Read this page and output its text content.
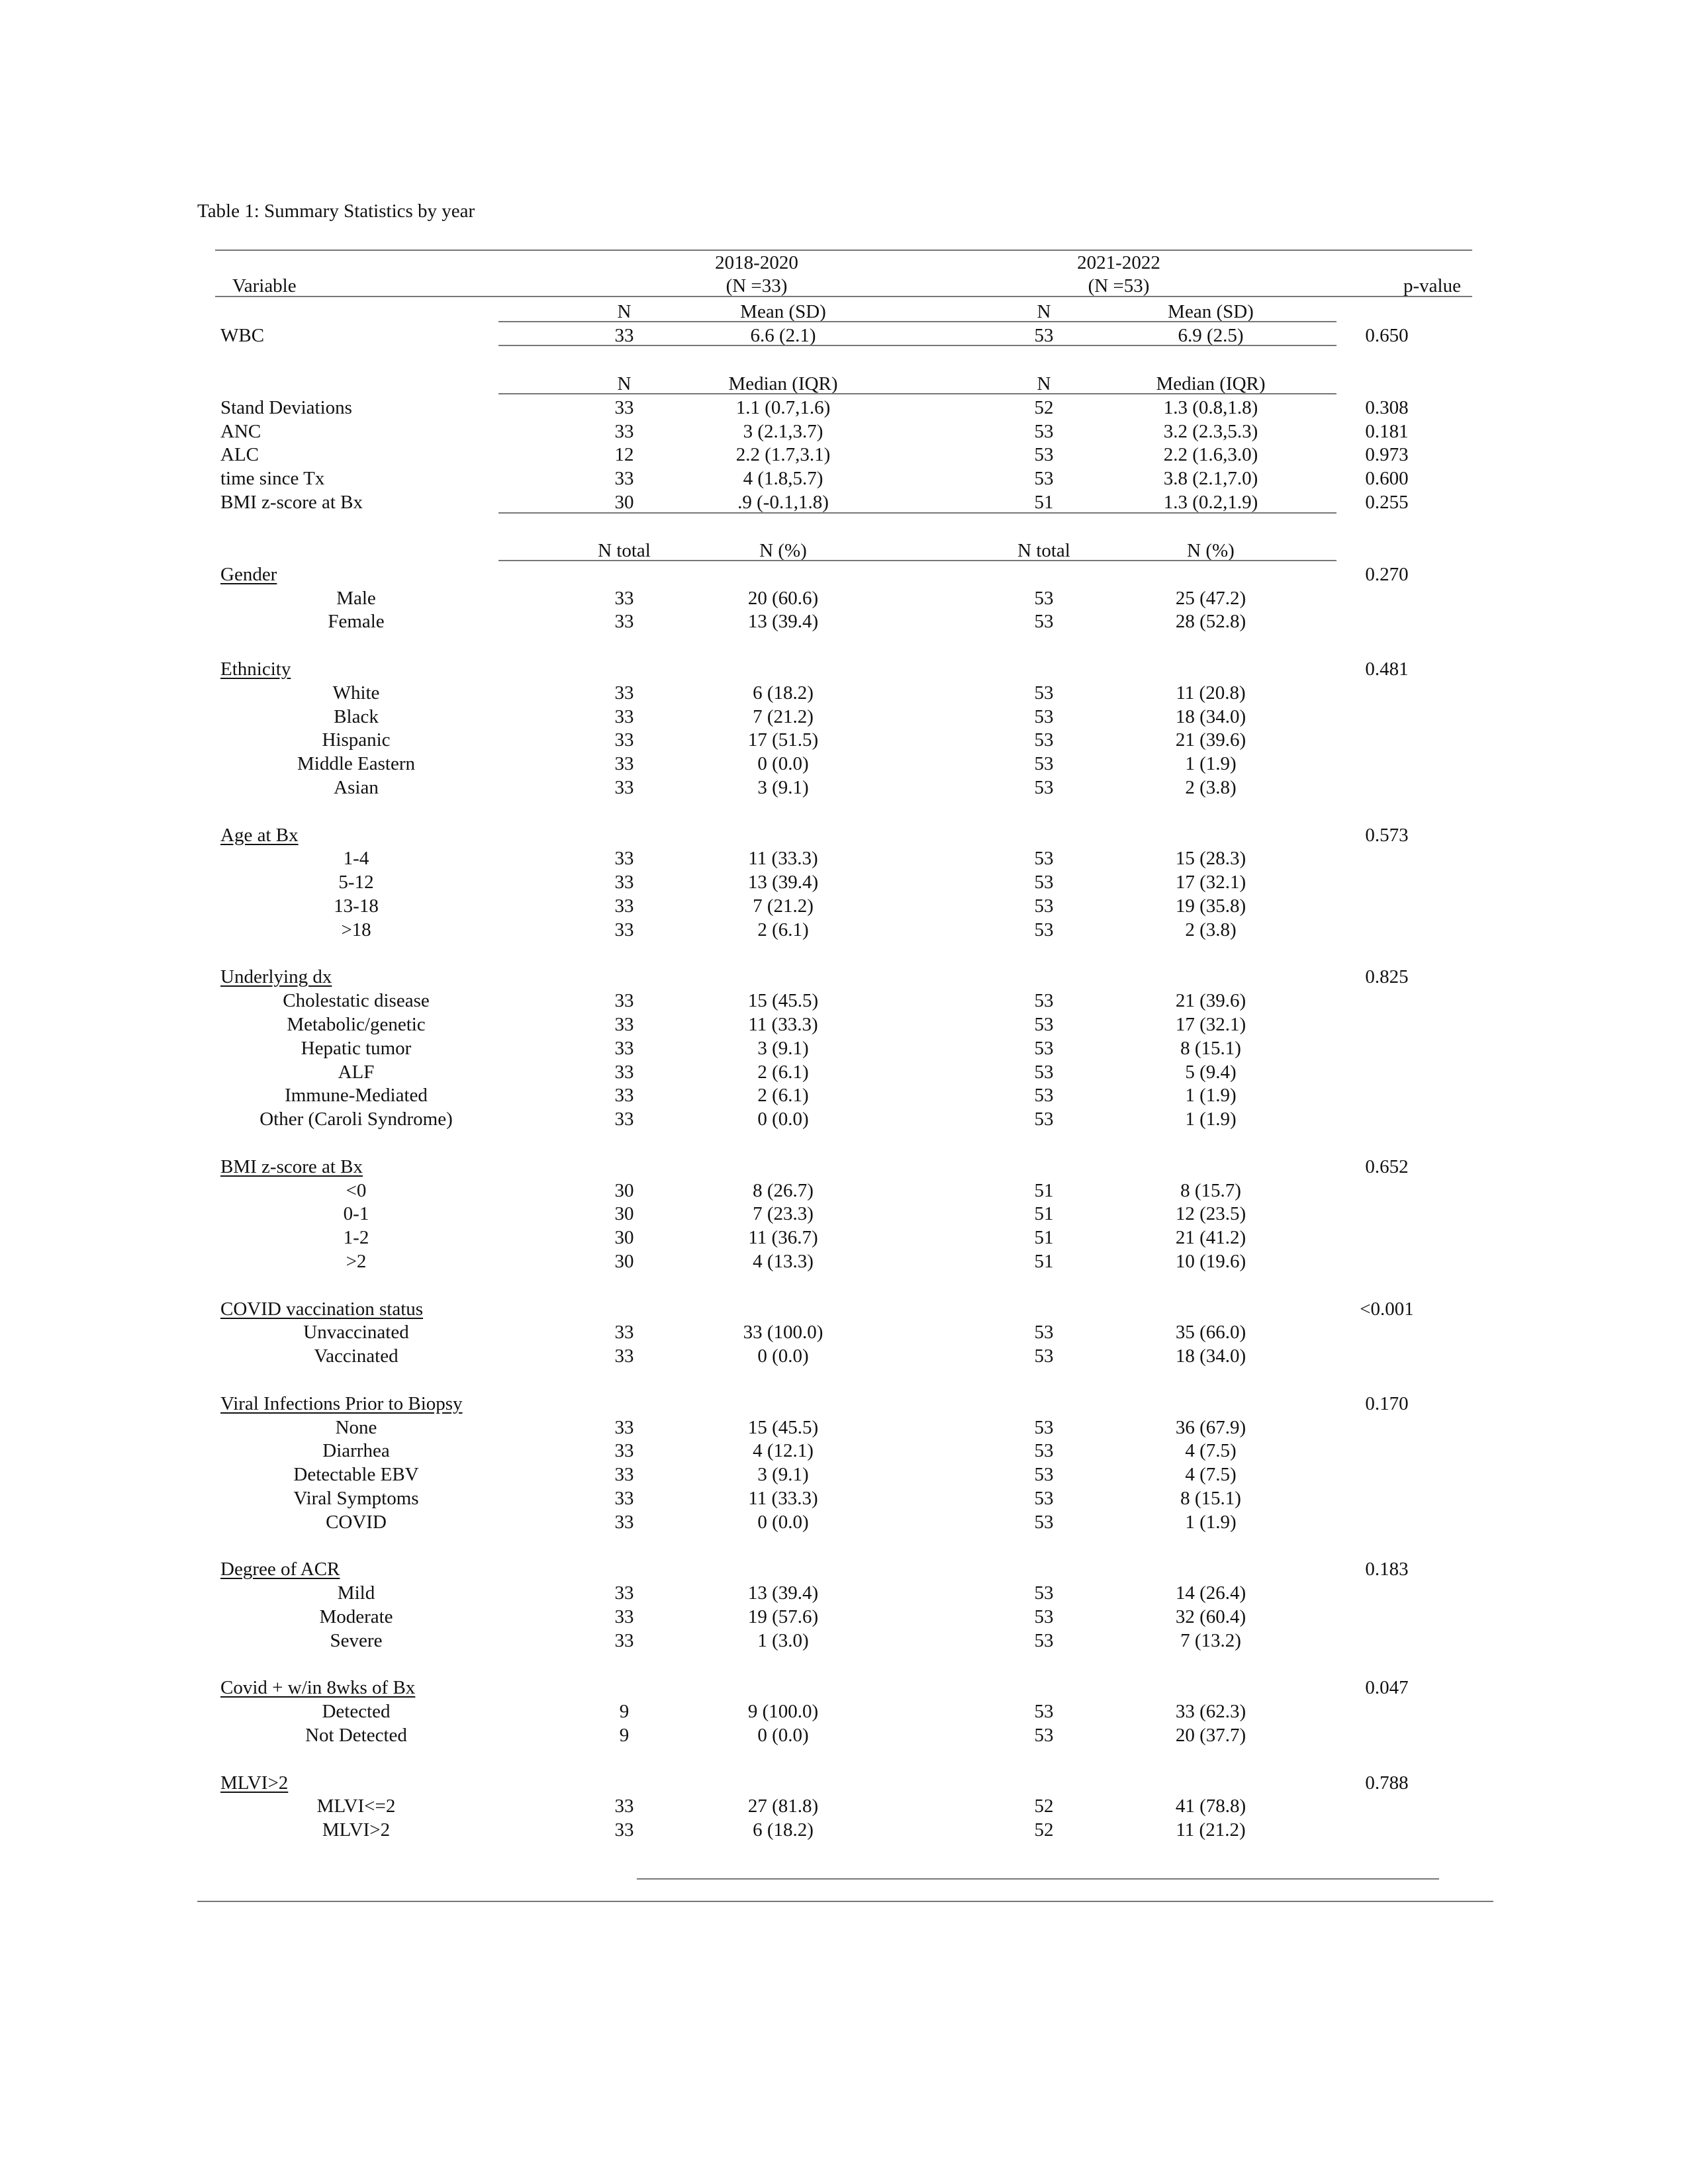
Table 1: Summary Statistics by year
Variable
2018-2020
(N =33)
2021-2022
(N =53)	p-value
N	Mean (SD)	N	Mean (SD)
WBC	33	6.6 (2.1)	53	6.9 (2.5)	0.650
N	Median (IQR)	N	Median (IQR)
Stand Deviations	33	1.1 (0.7,1.6)	52	1.3 (0.8,1.8)	0.308
ANC	33	3 (2.1,3.7)	53	3.2 (2.3,5.3)	0.181
ALC	12	2.2 (1.7,3.1)	53	2.2 (1.6,3.0)	0.973
time since Tx	33	4 (1.8,5.7)	53	3.8 (2.1,7.0)	0.600
BMI z-score at Bx	30	.9 (-0.1,1.8)	51	1.3 (0.2,1.9)	0.255
N total	N (%)	N total	N (%)
Gender	0.270
Male	33	20 (60.6)	53	25 (47.2)
Female	33	13 (39.4)	53	28 (52.8)
Ethnicity	0.481
White	33	6 (18.2)	53	11 (20.8)
Black	33	7 (21.2)	53	18 (34.0)
Hispanic	33	17 (51.5)	53	21 (39.6)
Middle Eastern	33	0 (0.0)	53	1 (1.9)
Asian	33	3 (9.1)	53	2 (3.8)
Age at Bx	0.573
1-4	33	11 (33.3)	53	15 (28.3)
5-12	33	13 (39.4)	53	17 (32.1)
13-18	33	7 (21.2)	53	19 (35.8)
>18	33	2 (6.1)	53	2 (3.8)
Underlying dx	0.825
Cholestatic disease	33	15 (45.5)	53	21 (39.6)
Metabolic/genetic	33	11 (33.3)	53	17 (32.1)
Hepatic tumor	33	3 (9.1)	53	8 (15.1)
ALF	33	2 (6.1)	53	5 (9.4)
Immune-Mediated	33	2 (6.1)	53	1 (1.9)
Other (Caroli Syndrome)	33	0 (0.0)	53	1 (1.9)
BMI z-score at Bx	0.652
<0	30	8 (26.7)	51	8 (15.7)
0-1	30	7 (23.3)	51	12 (23.5)
1-2	30	11 (36.7)	51	21 (41.2)
>2	30	4 (13.3)	51	10 (19.6)
COVID vaccination status	<0.001
Unvaccinated	33	33 (100.0)	53	35 (66.0)
Vaccinated	33	0 (0.0)	53	18 (34.0)
Viral Infections Prior to Biopsy	0.170
None	33	15 (45.5)	53	36 (67.9)
Diarrhea	33	4 (12.1)	53	4 (7.5)
Detectable EBV	33	3 (9.1)	53	4 (7.5)
Viral Symptoms	33	11 (33.3)	53	8 (15.1)
COVID	33	0 (0.0)	53	1 (1.9)
Degree of ACR	0.183
Mild	33	13 (39.4)	53	14 (26.4)
Moderate	33	19 (57.6)	53	32 (60.4)
Severe	33	1 (3.0)	53	7 (13.2)
Covid + w/in 8wks of Bx	0.047
Detected	9	9 (100.0)	53	33 (62.3)
Not Detected	9	0 (0.0)	53	20 (37.7)
MLVI>2	0.788
MLVI<=2	33	27 (81.8)	52	41 (78.8)
MLVI>2	33	6 (18.2)	52	11 (21.2)
